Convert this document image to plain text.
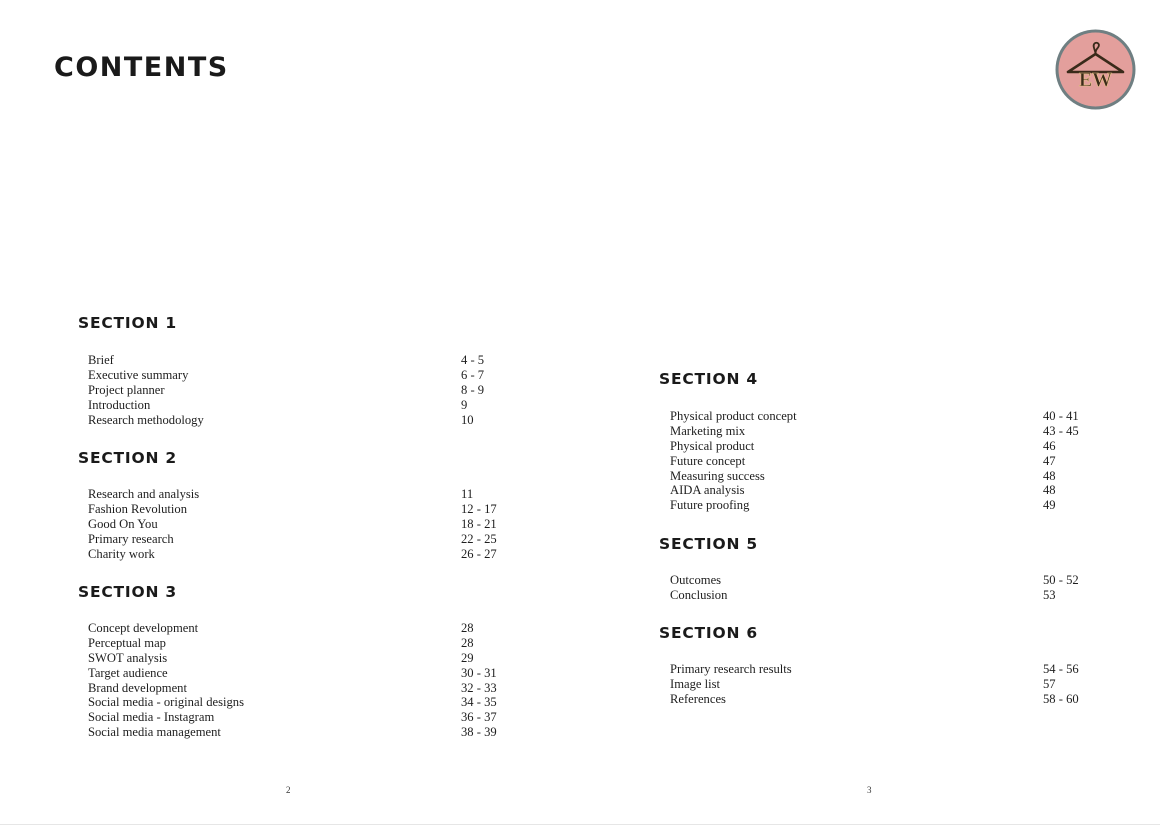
CONTENTS	EW
SECTION 1
Brief	4 - 5
Executive summary	6 - 7
Project planner	8 - 9
Introduction	9
Research methodology	10
SECTION 2
Research and analysis	11
Fashion Revolution	12 - 17
Good On You	18 - 21
Primary research	22 - 25
Charity work	26 - 27
SECTION 3
Concept development	28
Perceptual map	28
SWOT analysis	29
Target audience	30 - 31
Brand development	32 - 33
Social media - original designs	34 - 35
Social media - Instagram	36 - 37
Social media management	38 - 39
SECTION 4
Physical product concept	40 - 41
Marketing mix	43 - 45
Physical product	46
Future concept	47
Measuring success	48
AIDA analysis	48
Future proofing	49
SECTION 5
Outcomes	50 - 52
Conclusion	53
SECTION 6
Primary research results	54 - 56
Image list	57
References	58 - 60
2	3
